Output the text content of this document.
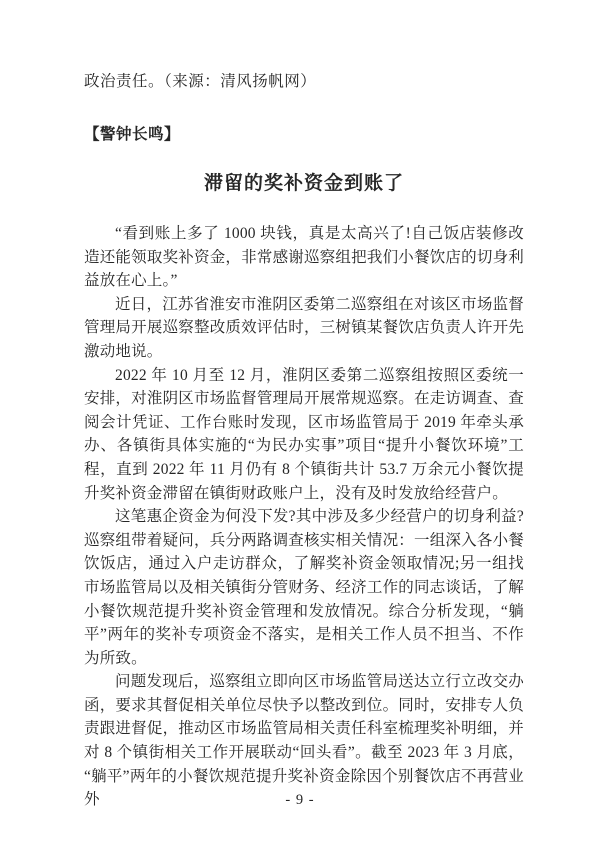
政治责任。（来源：清风扬帆网）

【警钟长鸣】
滞留的奖补资金到账了

“看到账上多了 1000 块钱，真是太高兴了!自己饭店装修改造还能领取奖补资金，非常感谢巡察组把我们小餐饮店的切身利益放在心上。”

近日，江苏省淮安市淮阴区委第二巡察组在对该区市场监督管理局开展巡察整改质效评估时，三树镇某餐饮店负责人许开先激动地说。

2022 年 10 月至 12 月，淮阴区委第二巡察组按照区委统一安排，对淮阴区市场监督管理局开展常规巡察。在走访调查、查阅会计凭证、工作台账时发现，区市场监管局于 2019 年牵头承办、各镇街具体实施的“为民办实事”项目“提升小餐饮环境”工程，直到 2022 年 11 月仍有 8 个镇街共计 53.7 万余元小餐饮提升奖补资金滞留在镇街财政账户上，没有及时发放给经营户。

这笔惠企资金为何没下发?其中涉及多少经营户的切身利益?巡察组带着疑问，兵分两路调查核实相关情况：一组深入各小餐饮饭店，通过入户走访群众，了解奖补资金领取情况;另一组找市场监管局以及相关镇街分管财务、经济工作的同志谈话，了解小餐饮规范提升奖补资金管理和发放情况。综合分析发现，“躺平”两年的奖补专项资金不落实，是相关工作人员不担当、不作为所致。

问题发现后，巡察组立即向区市场监管局送达立行立改交办函，要求其督促相关单位尽快予以整改到位。同时，安排专人负责跟进督促，推动区市场监管局相关责任科室梳理奖补明细，并对 8 个镇街相关工作开展联动“回头看”。截至 2023 年 3 月底，“躺平”两年的小餐饮规范提升奖补资金除因个别餐饮店不再营业外	- 9 -
